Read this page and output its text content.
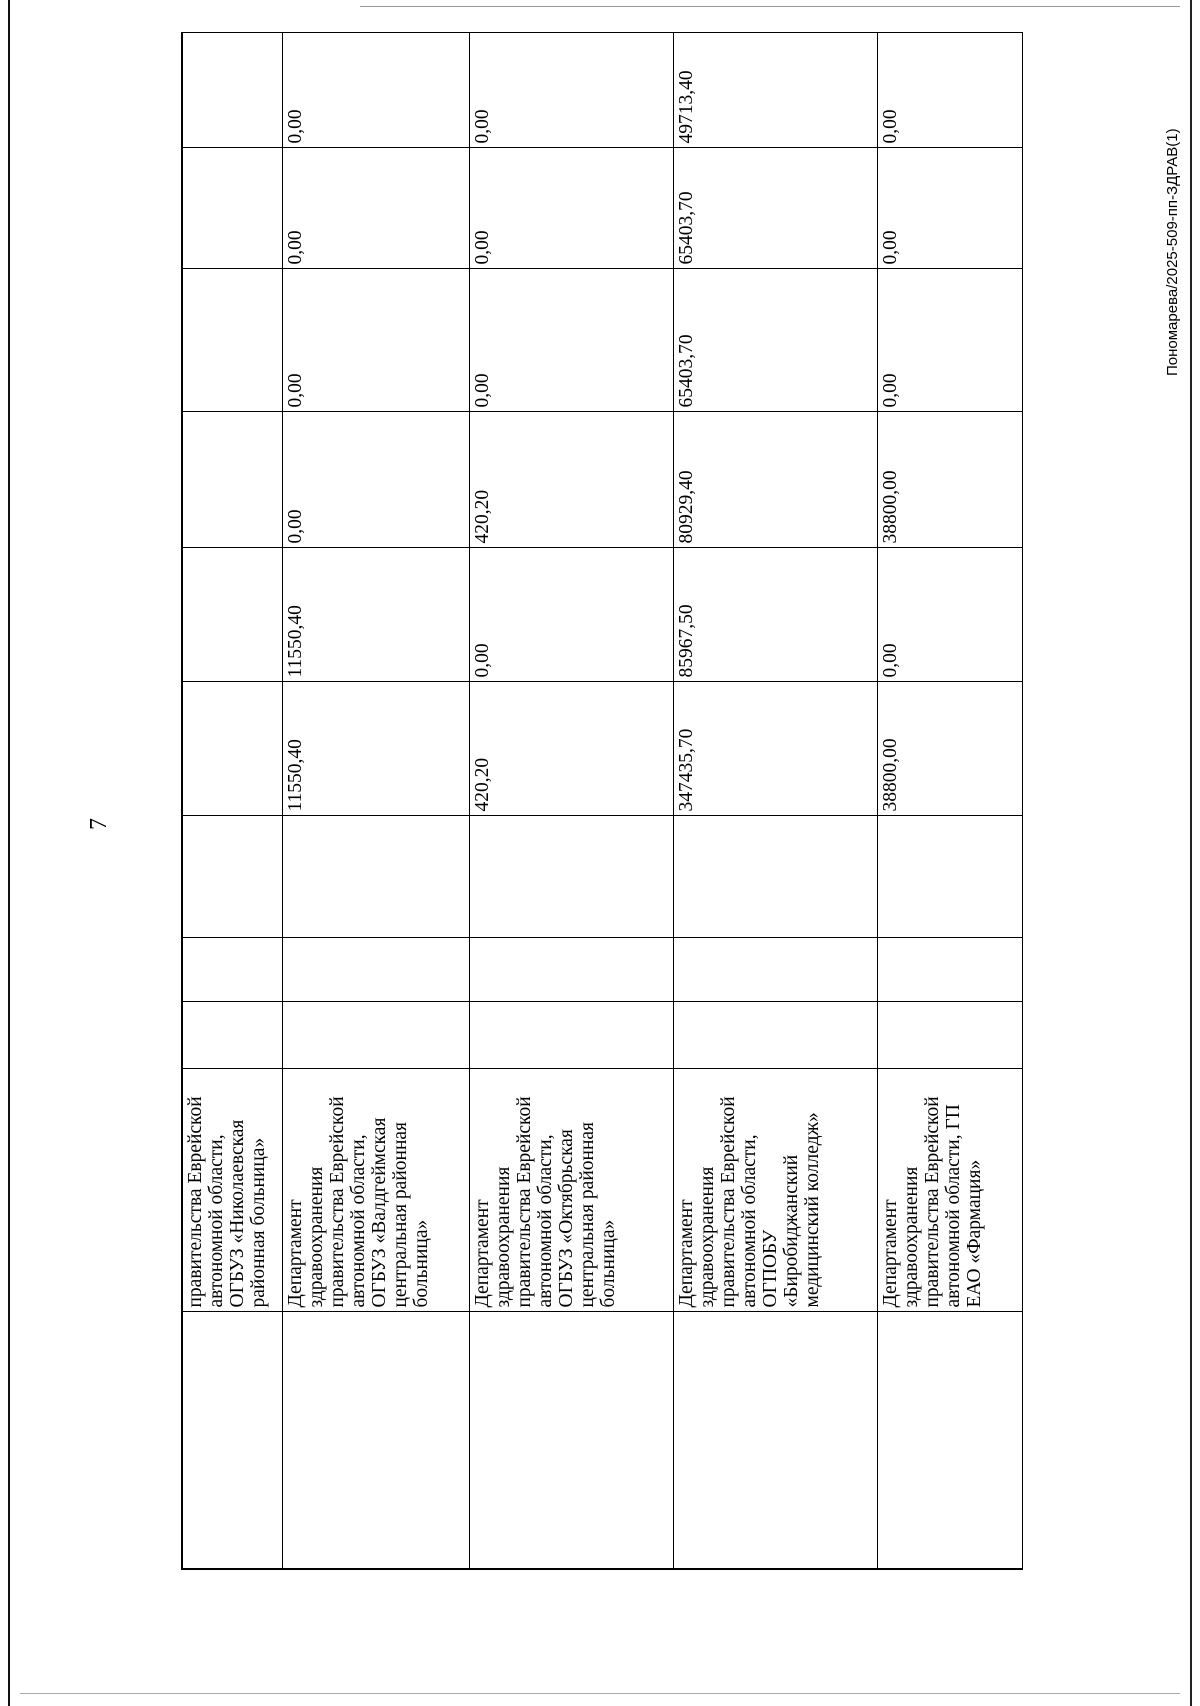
7
	правительства Еврейской автономной области, ОГБУЗ «Николаевская районная больница»									
	Департамент здравоохранения правительства Еврейской автономной области, ОГБУЗ «Валдгеймская центральная районная больница»				11550,40	11550,40	0,00	0,00	0,00	0,00
	Департамент здравоохранения правительства Еврейской автономной области, ОГБУЗ «Октябрьская центральная районная больница»				420,20	0,00	420,20	0,00	0,00	0,00
	Департамент здравоохранения правительства Еврейской автономной области, ОГПОБУ «Биробиджанский медицинский колледж»				347435,70	85967,50	80929,40	65403,70	65403,70	49713,40
	Департамент здравоохранения правительства Еврейской автономной области, ГП ЕАО «Фармация»				38800,00	0,00	38800,00	0,00	0,00	0,00
Пономарева/2025-509-пп-ЗДРАВ(1)
